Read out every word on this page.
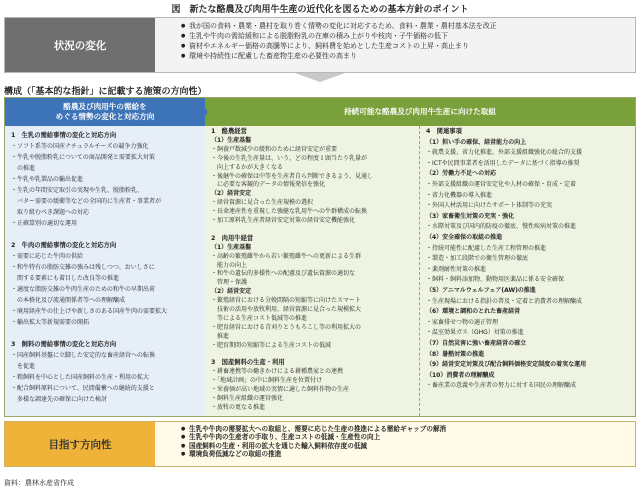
図　新たな酪農及び肉用牛生産の近代化を図るための基本方針のポイント
状況の変化
● 我が国の食料・農業・農村を取り巻く情勢の変化に対応するため、食料・農業・農村基本法を改正
● 生乳や牛肉の需給緩和による脱脂粉乳の在庫の積み上がりや枝肉・子牛価格の低下
● 資材やエネルギー価格の高騰等により、飼料費を始めとした生産コストの上昇・高止まり
● 環境や持続性に配慮した畜産物生産の必要性の高まり
構成（「基本的な指針」に記載する施策の方向性）
持続可能な酪農及び肉用牛生産に向けた取組
酪農及び肉用牛の需給を
めぐる情勢の変化と対応方向
1　生乳の需給事情の変化と対応方向
・ソフト系等の国産ナチュラルチーズの競争力強化
・牛乳や脱脂粉乳についての商品開発と需要拡大対策
　の推進
・牛乳や乳製品の輸出促進
・生乳の年間安定取引の実現や生乳、脱脂粉乳、
　バター需要の緩衝等などの全国的に生産者・事業者が
　取り組むべき課題への対応
・正確算別の適切な運用
2　牛肉の需給事情の変化と対応方向
・需要に応じた牛肉の供給
・和牛特有の脂肪交雑の強みは残しつつ、おいしさに
　関する要素にも着目した改良等の推進
・適度な脂肪交雑の牛肉生産のための和牛の早期出荷
　の本格化及び流通関係者等への理解醸成
・廃用経産牛の仕上げや新しさのある国産牛肉の需要拡大
・輸出拡大等新規需要の開拓
3　飼料の需給事情の変化と対応方向
・国産飼料基盤に立脚した安定的な畜産経営への転換
　を促進
・粗飼料を中心とした国産飼料の生産・利用の拡大
・配合飼料原料について、民間備蓄への継続的支援と
　多様な調達先の確保に向けた検討
1　酪農経営
（1）生産基盤
・飼養戸数減少の緩和のために経営安定が重要
・今後の生乳生産量は、いう、どの程度１頭当たり乳量が
　向上するかが大きくなる
・後継牛の確保は中等を生産者自ら判断できるよう、見通し
　に必要な客観的データの情報発信を強化
（2）経営安定
・経営資源に見合った生産規模の選択
・長命連産性を重視した強健な乳用牛への牛群構成の転換
・加工原料乳生産者経営安定対策の経営安定機能強化
2　肉用牛経営
（1）生産基盤
・高齢の繁殖雌牛から若い繁殖雌牛への更新による生群
　能力の向上
・和牛の遺伝的多様性への配慮及び遺伝資源の適切な
　管理・保護
（2）経営安定
・繁殖経営における分娩間隔の短縮等に向けたスマート
　技術の活用や放牧利用、経営資源に見合った規模拡大
　等による生産コスト低減等の推進
・肥育経営における青刈りとうもろこし等の利用拡大の
　推進
・肥育期間の短縮等による生産コストの低減
3　国産飼料の生産・利用
・耕畜連携等の働きかけによる耕種農家との連携
・「地域計画」の中に飼料生産を位置付け
・栄養価が高い地域の実情に適した飼料作物の生産
・飼料生産組織の運営強化
・放牧の更なる推進
4　関連事項
（1）担い手の確保、経営能力の向上
・就農支援、省力化推進、外部支援組織強化の総合的支援
・ICTや民間事業者を活用したデータに基づく指導の推奨
（2）労働力不足への対応
・外部支援組織の運営安定化や人材の確保・育成・定着
・省力化機器の導入推進
・外国人材活用に向けたサポート体制等の充実
（3）家畜衛生対策の充実・強化
・水際対策及び国内的防疫の徹底、慢性疾病対策の推進
（4）安全確保の取組の推進
・持続可能性に配慮した生産工程管理の推進
・製造・加工段階での衛生管理の徹底
・薬剤耐性対策の推進
・飼料・飼料添加物、動物用医薬品に係る安全確保
（5）アニマルウェルフェア(AW)の推進
・生産現場における指針の普及・定着と消費者の理解醸成
（6）環境と調和のとれた畜産経営
・家畜排せつ物の適正管理
・温室効果ガス（GHG）対策の推進
（7）自然災害に強い畜産経営の確立
（8）暑熱対策の推進
（9）経営安定対策及び配合飼料価格安定制度の着実な運用
（10）消費者の理解醸成
・畜産業の意義や生産者の努力に対する国民の理解醸成
目指す方向性
● 生乳や牛肉の需要拡大への取組と、需要に応じた生産の推進による需給ギャップの解消
● 生乳や牛肉の生産者の手取り、生産コストの低減・生産性の向上
● 国産飼料の生産・利用の拡大を通じた輸入飼料依存度の低減
● 環境負荷低減などの取組の推進
資料：農林水産省作成
